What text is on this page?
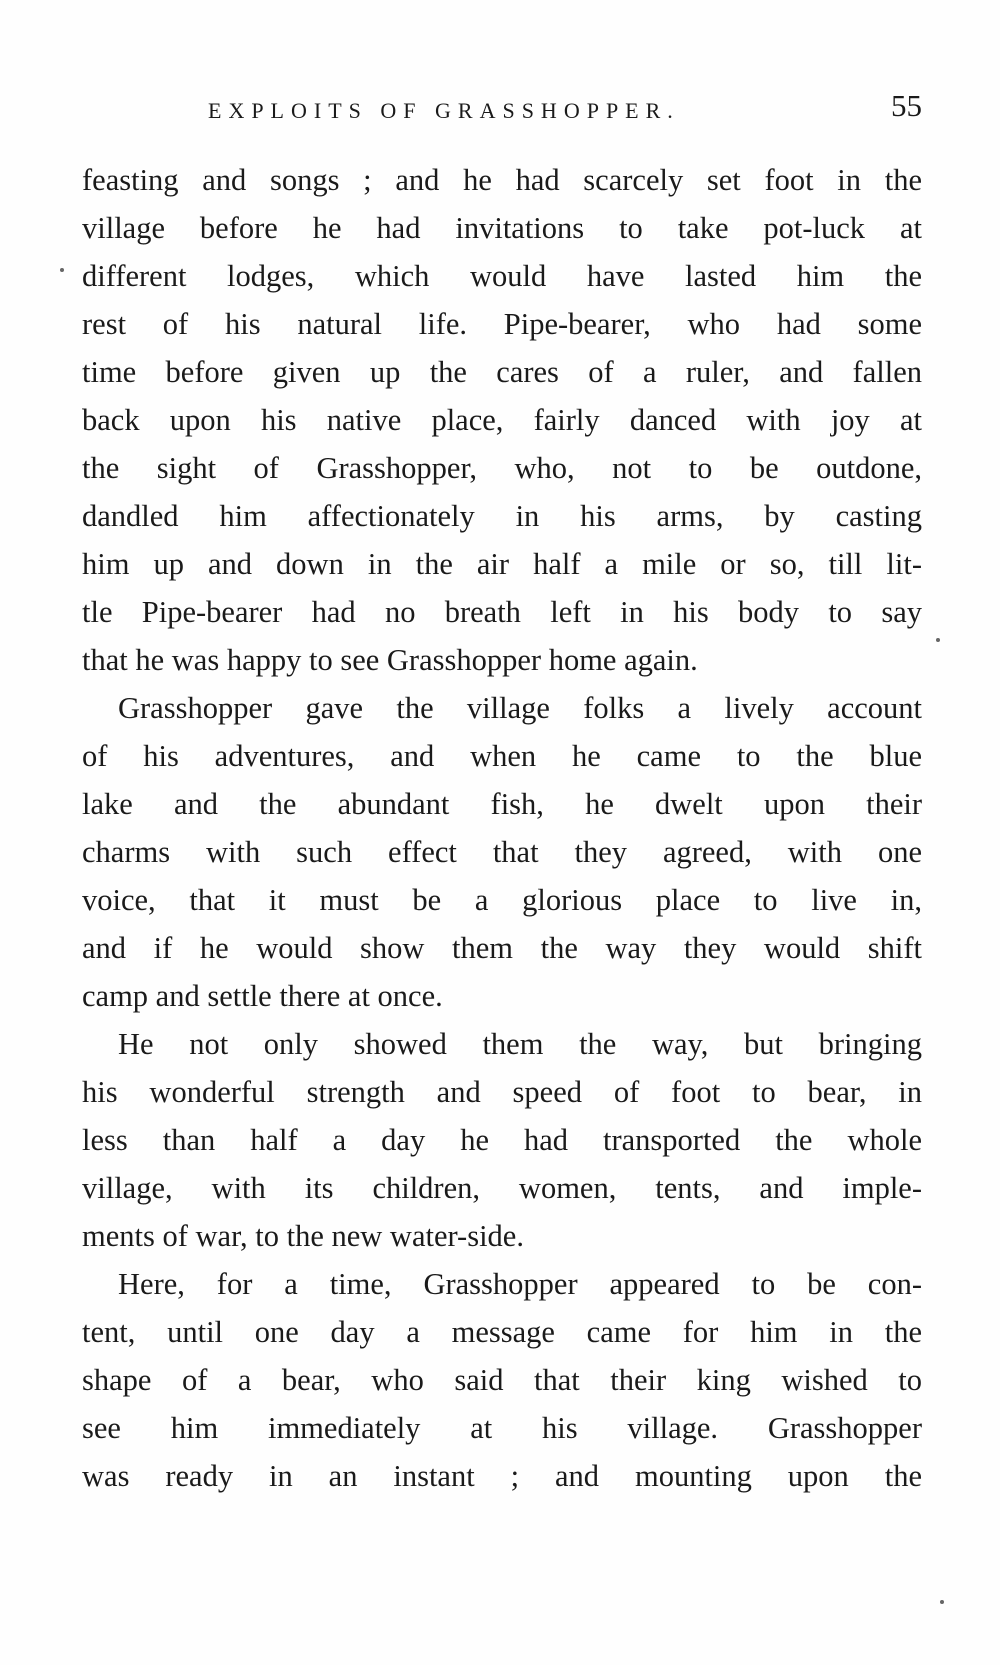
EXPLOITS OF GRASSHOPPER.	55
feasting and songs ; and he had scarcely set foot in the
village before he had invitations to take pot-luck at
different lodges, which would have lasted him the
rest of his natural life. Pipe-bearer, who had some
time before given up the cares of a ruler, and fallen
back upon his native place, fairly danced with joy at
the sight of Grasshopper, who, not to be outdone,
dandled him affectionately in his arms, by casting
him up and down in the air half a mile or so, till lit-
tle Pipe-bearer had no breath left in his body to say
that he was happy to see Grasshopper home again.
Grasshopper gave the village folks a lively account
of his adventures, and when he came to the blue
lake and the abundant fish, he dwelt upon their
charms with such effect that they agreed, with one
voice, that it must be a glorious place to live in,
and if he would show them the way they would shift
camp and settle there at once.
He not only showed them the way, but bringing
his wonderful strength and speed of foot to bear, in
less than half a day he had transported the whole
village, with its children, women, tents, and imple-
ments of war, to the new water-side.
Here, for a time, Grasshopper appeared to be con-
tent, until one day a message came for him in the
shape of a bear, who said that their king wished to
see him immediately at his village. Grasshopper
was ready in an instant ; and mounting upon the
